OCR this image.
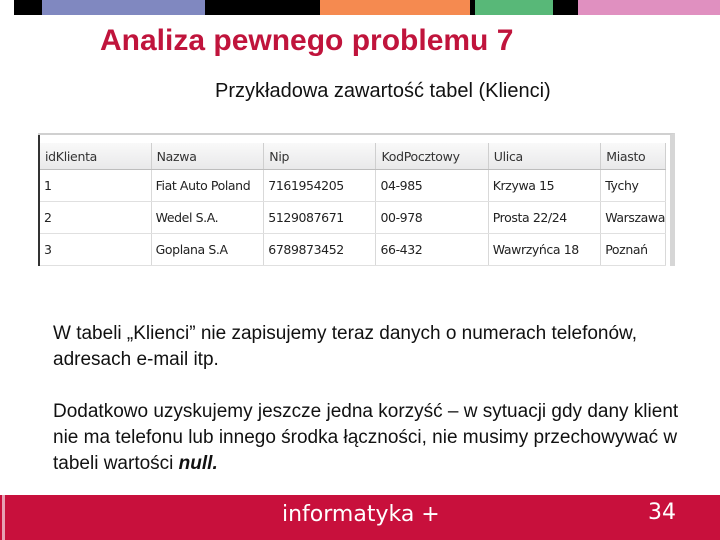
Analiza pewnego problemu 7
Przykładowa zawartość tabel (Klienci)
idKlienta	Nazwa	Nip	KodPocztowy	Ulica	Miasto
1	Fiat Auto Poland	7161954205	04-985	Krzywa 15	Tychy
2	Wedel S.A.	5129087671	00-978	Prosta 22/24	Warszawa
3	Goplana S.A	6789873452	66-432	Wawrzyńca 18	Poznań
W tabeli „Klienci” nie zapisujemy teraz danych o numerach telefonów, adresach e-mail itp.
Dodatkowo uzyskujemy jeszcze jedna korzyść – w sytuacji gdy dany klient nie ma telefonu lub innego środka łączności, nie musimy przechowywać w tabeli wartości null.
informatyka +	34
